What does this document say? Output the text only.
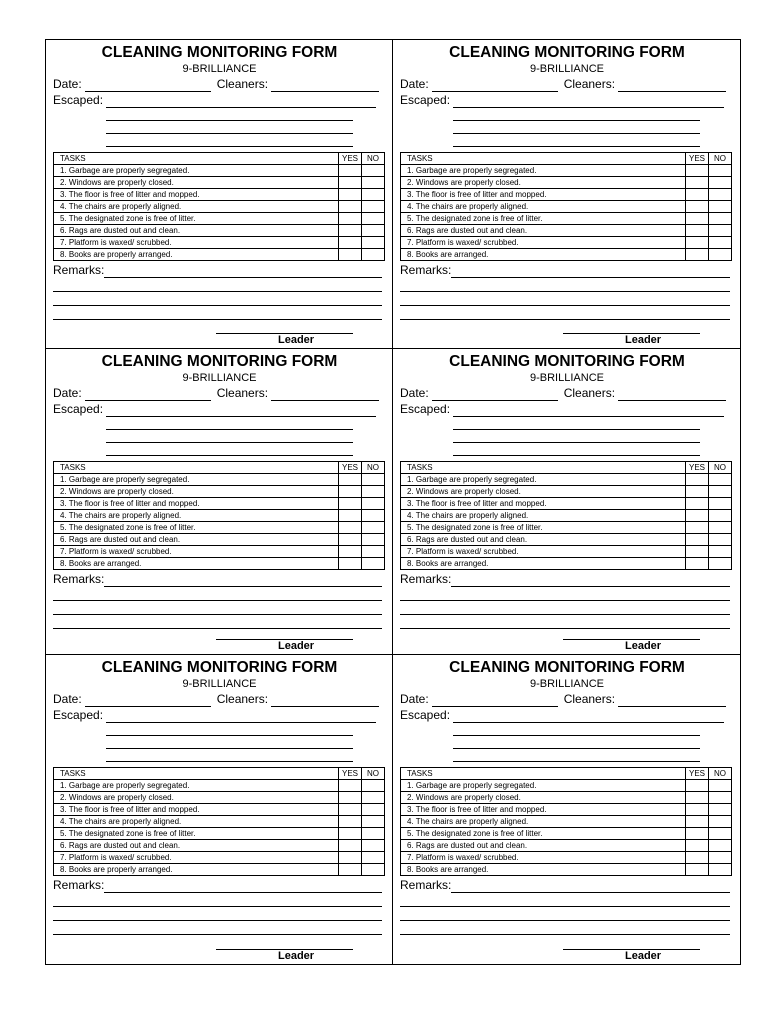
CLEANING MONITORING FORM
9-BRILLIANCE
Date:	Cleaners:
Escaped:
TASKS	YES	NO
1. Garbage are properly segregated.		
2. Windows are properly closed.		
3. The floor is free of litter and mopped.		
4. The chairs are properly aligned.		
5. The designated zone is free of litter.		
6. Rags are dusted out and clean.		
7. Platform is waxed/ scrubbed.		
8. Books are properly arranged.		
Remarks:
Leader
CLEANING MONITORING FORM
9-BRILLIANCE
Date:	Cleaners:
Escaped:
TASKS	YES	NO
1. Garbage are properly segregated.		
2. Windows are properly closed.		
3. The floor is free of litter and mopped.		
4. The chairs are properly aligned.		
5. The designated zone is free of litter.		
6. Rags are dusted out and clean.		
7. Platform is waxed/ scrubbed.		
8. Books are arranged.		
Remarks:
Leader
CLEANING MONITORING FORM
9-BRILLIANCE
Date:	Cleaners:
Escaped:
TASKS	YES	NO
1. Garbage are properly segregated.		
2. Windows are properly closed.		
3. The floor is free of litter and mopped.		
4. The chairs are properly aligned.		
5. The designated zone is free of litter.		
6. Rags are dusted out and clean.		
7. Platform is waxed/ scrubbed.		
8. Books are arranged.		
Remarks:
Leader
CLEANING MONITORING FORM
9-BRILLIANCE
Date:	Cleaners:
Escaped:
TASKS	YES	NO
1. Garbage are properly segregated.		
2. Windows are properly closed.		
3. The floor is free of litter and mopped.		
4. The chairs are properly aligned.		
5. The designated zone is free of litter.		
6. Rags are dusted out and clean.		
7. Platform is waxed/ scrubbed.		
8. Books are arranged.		
Remarks:
Leader
CLEANING MONITORING FORM
9-BRILLIANCE
Date:	Cleaners:
Escaped:
TASKS	YES	NO
1. Garbage are properly segregated.		
2. Windows are properly closed.		
3. The floor is free of litter and mopped.		
4. The chairs are properly aligned.		
5. The designated zone is free of litter.		
6. Rags are dusted out and clean.		
7. Platform is waxed/ scrubbed.		
8. Books are properly arranged.		
Remarks:
Leader
CLEANING MONITORING FORM
9-BRILLIANCE
Date:	Cleaners:
Escaped:
TASKS	YES	NO
1. Garbage are properly segregated.		
2. Windows are properly closed.		
3. The floor is free of litter and mopped.		
4. The chairs are properly aligned.		
5. The designated zone is free of litter.		
6. Rags are dusted out and clean.		
7. Platform is waxed/ scrubbed.		
8. Books are arranged.		
Remarks:
Leader
